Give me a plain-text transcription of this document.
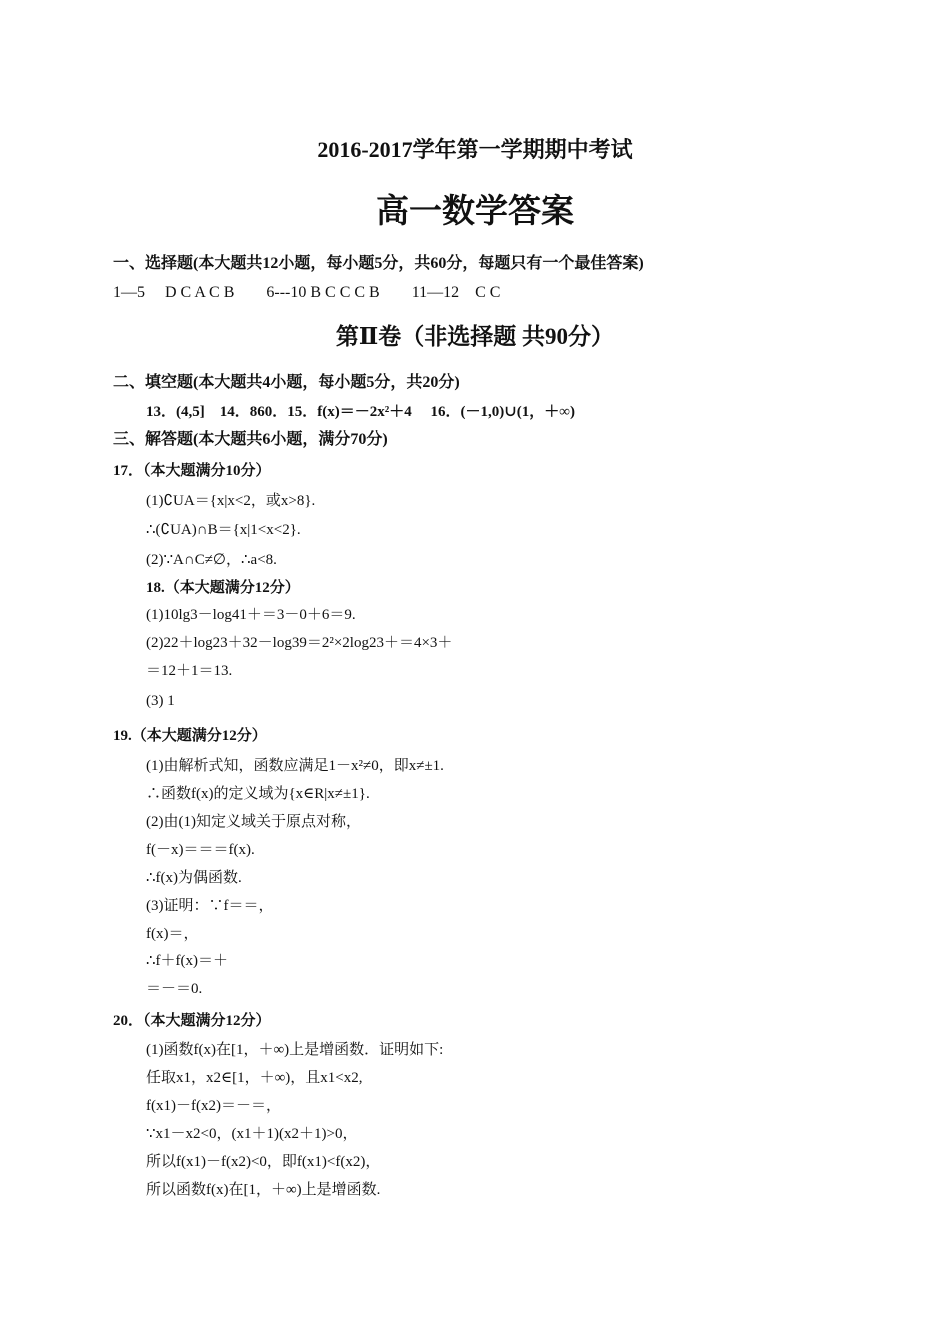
2016-2017学年第一学期期中考试
高一数学答案
一、选择题(本大题共12小题，每小题5分，共60分，每题只有一个最佳答案)
1—5　 D C A C B　　6---10 B C C C B　　11—12　C C
第Ⅱ卷（非选择题 共90分）
二、填空题(本大题共4小题，每小题5分，共20分)
13．(4,5]　14．860．15．f(x)＝－2x²＋4　 16．(－1,0)∪(1，＋∞)
三、解答题(本大题共6小题，满分70分)
17．（本大题满分10分）
(1)∁UA＝{x|x<2，或x>8}.
∴(∁UA)∩B＝{x|1<x<2}.
(2)∵A∩C≠∅，∴a<8.
18.（本大题满分12分）
(1)10lg3－log41＋＝3－0＋6＝9.
(2)22＋log23＋32－log39＝2²×2log23＋＝4×3＋
＝12＋1＝13.
(3) 1
19.（本大题满分12分）
(1)由解析式知，函数应满足1－x²≠0，即x≠±1.
∴函数f(x)的定义域为{x∈R|x≠±1}.
(2)由(1)知定义域关于原点对称，
f(－x)＝＝＝f(x).
∴f(x)为偶函数.
(3)证明：∵f＝＝，
f(x)＝，
∴f＋f(x)＝＋
＝－＝0.
20．（本大题满分12分）
(1)函数f(x)在[1，＋∞)上是增函数．证明如下:
任取x1，x2∈[1，＋∞)，且x1<x2,
f(x1)－f(x2)＝－＝，
∵x1－x2<0，(x1＋1)(x2＋1)>0，
所以f(x1)－f(x2)<0，即f(x1)<f(x2)，
所以函数f(x)在[1，＋∞)上是增函数.
